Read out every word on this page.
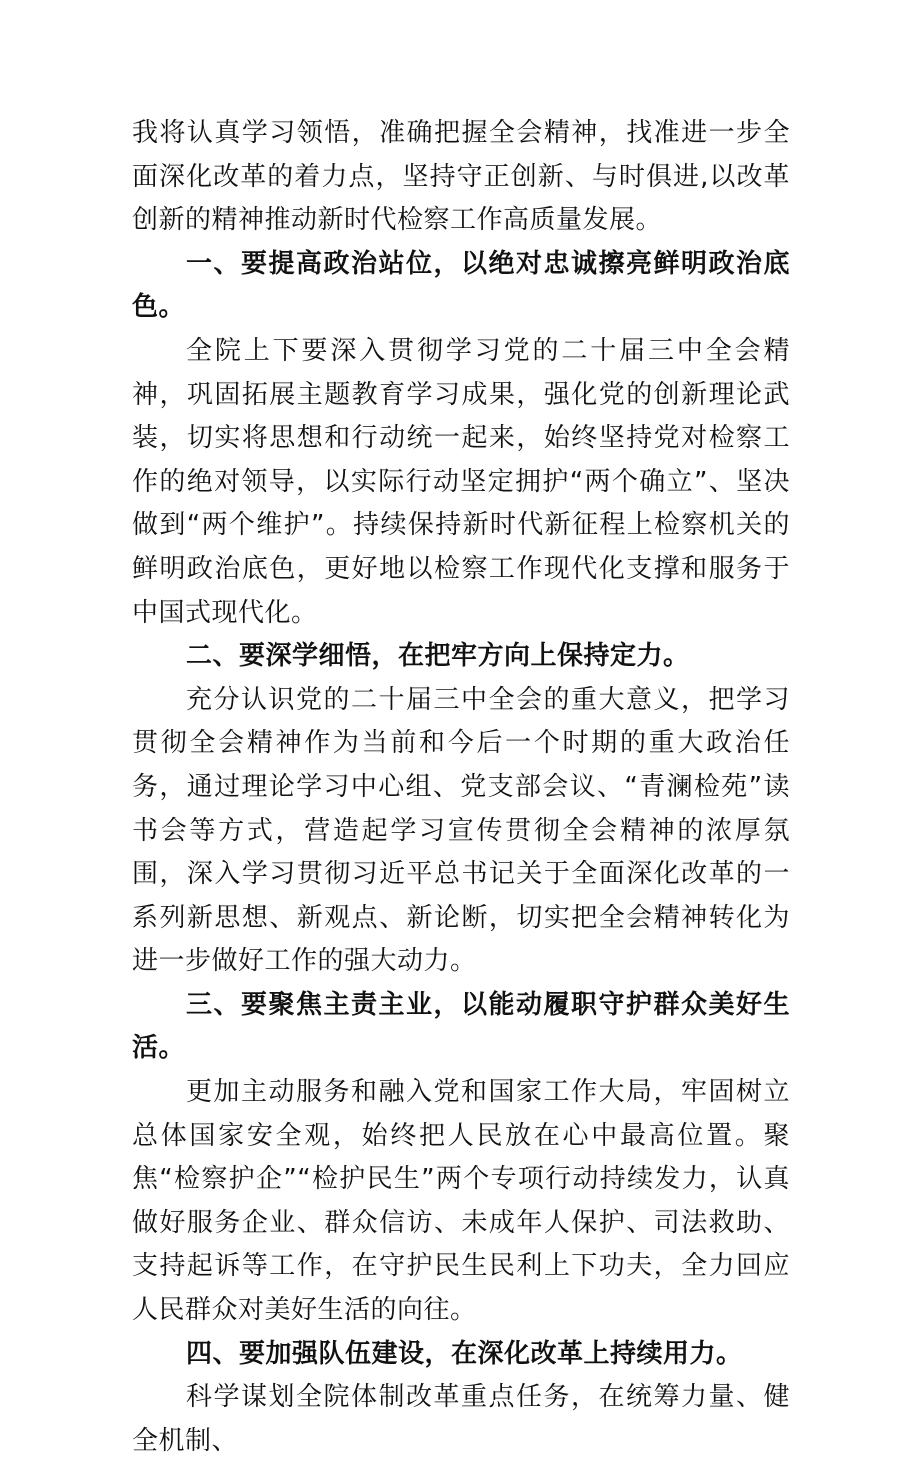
我将认真学习领悟，准确把握全会精神，找准进一步全面深化改革的着力点，坚持守正创新、与时俱进,以改革创新的精神推动新时代检察工作高质量发展。

一、要提高政治站位，以绝对忠诚擦亮鲜明政治底色。

全院上下要深入贯彻学习党的二十届三中全会精神，巩固拓展主题教育学习成果，强化党的创新理论武装，切实将思想和行动统一起来，始终坚持党对检察工作的绝对领导，以实际行动坚定拥护“两个确立”、坚决做到“两个维护”。持续保持新时代新征程上检察机关的鲜明政治底色，更好地以检察工作现代化支撑和服务于中国式现代化。

二、要深学细悟，在把牢方向上保持定力。

充分认识党的二十届三中全会的重大意义，把学习贯彻全会精神作为当前和今后一个时期的重大政治任务，通过理论学习中心组、党支部会议、“青澜检苑”读书会等方式，营造起学习宣传贯彻全会精神的浓厚氛围，深入学习贯彻习近平总书记关于全面深化改革的一系列新思想、新观点、新论断，切实把全会精神转化为进一步做好工作的强大动力。

三、要聚焦主责主业，以能动履职守护群众美好生活。

更加主动服务和融入党和国家工作大局，牢固树立总体国家安全观，始终把人民放在心中最高位置。聚焦“检察护企”“检护民生”两个专项行动持续发力，认真做好服务企业、群众信访、未成年人保护、司法救助、支持起诉等工作，在守护民生民利上下功夫，全力回应人民群众对美好生活的向往。

四、要加强队伍建设，在深化改革上持续用力。

科学谋划全院体制改革重点任务，在统筹力量、健全机制、
